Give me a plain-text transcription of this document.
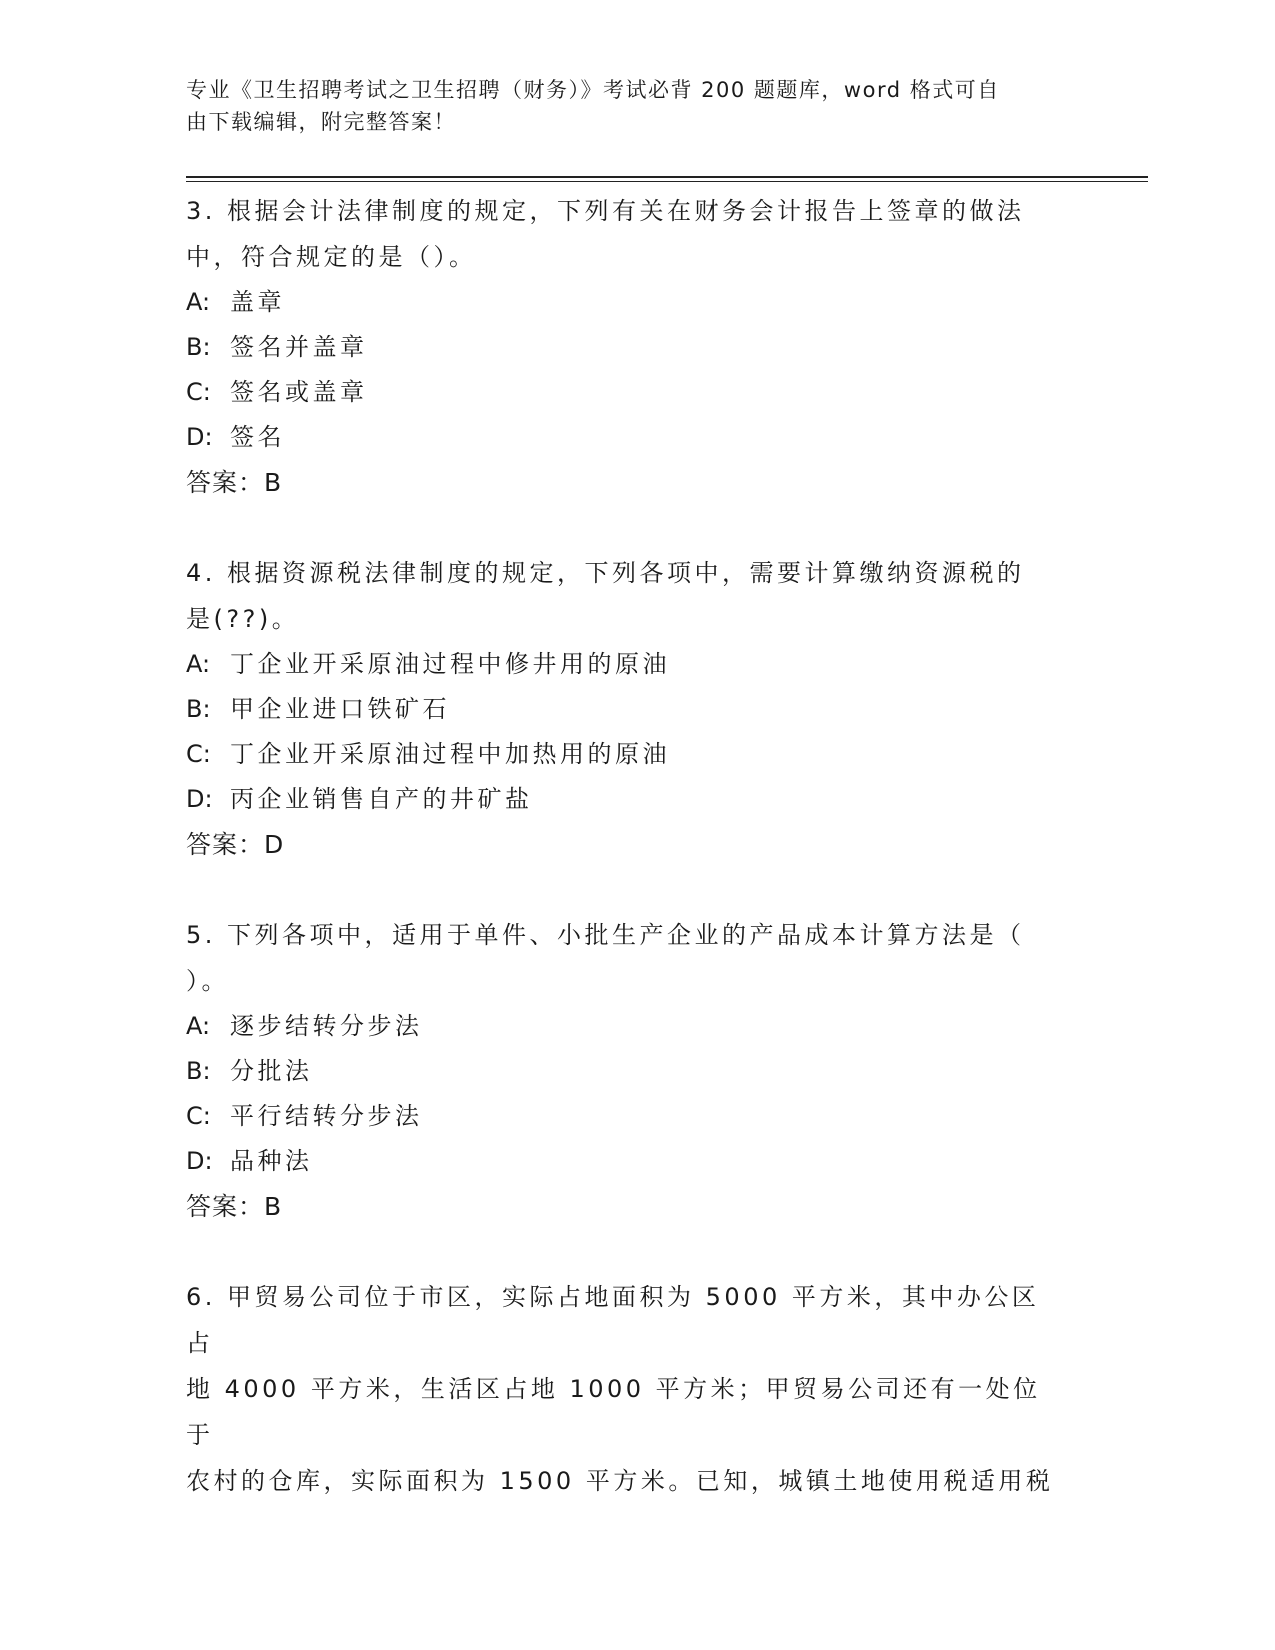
专业《卫生招聘考试之卫生招聘（财务）》考试必背 200 题题库，word 格式可自
由下载编辑，附完整答案！

3. 根据会计法律制度的规定，下列有关在财务会计报告上签章的做法
中，符合规定的是（）。

A: 盖章

B: 签名并盖章

C: 签名或盖章

D: 签名

答案：B

4. 根据资源税法律制度的规定，下列各项中，需要计算缴纳资源税的
是(??)。

A: 丁企业开采原油过程中修井用的原油

B: 甲企业进口铁矿石

C: 丁企业开采原油过程中加热用的原油

D: 丙企业销售自产的井矿盐

答案：D

5. 下列各项中，适用于单件、小批生产企业的产品成本计算方法是（
）。

A: 逐步结转分步法

B: 分批法

C: 平行结转分步法

D: 品种法

答案：B

6. 甲贸易公司位于市区，实际占地面积为 5000 平方米，其中办公区占
地 4000 平方米，生活区占地 1000 平方米；甲贸易公司还有一处位于
农村的仓库，实际面积为 1500 平方米。已知，城镇土地使用税适用税
